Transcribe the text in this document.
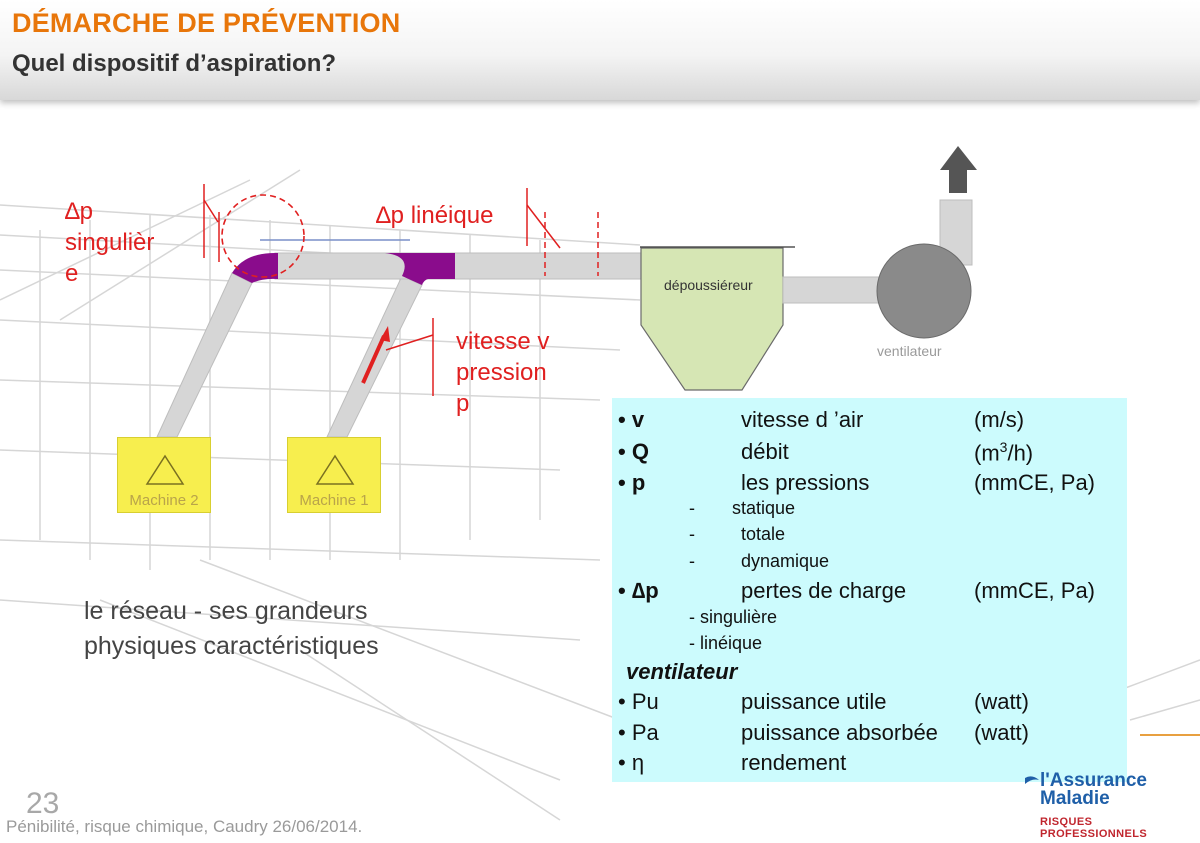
DÉMARCHE DE PRÉVENTION
Quel dispositif d’aspiration?
Machine 2	Machine 1
∆p
singulièr
e
∆p linéique
vitesse v
pression
p
dépoussiéreur
ventilateur
le réseau - ses grandeurs
physiques caractéristiques
• v	vitesse d ’air	(m/s)
• Q	débit	$(m^3/h)$
• p	les pressions	(mmCE, Pa)
- statique
-	totale
-	dynamique
• ∆p	pertes de charge	(mmCE, Pa)
- singulière
- linéique
ventilateur
• Pu	puissance utile	(watt)
• Pa	puissance absorbée (watt)
• η	rendement
23
Pénibilité, risque chimique, Caudry 26/06/2014.
l'Assurance
Maladie
RISQUES PROFESSIONNELS
